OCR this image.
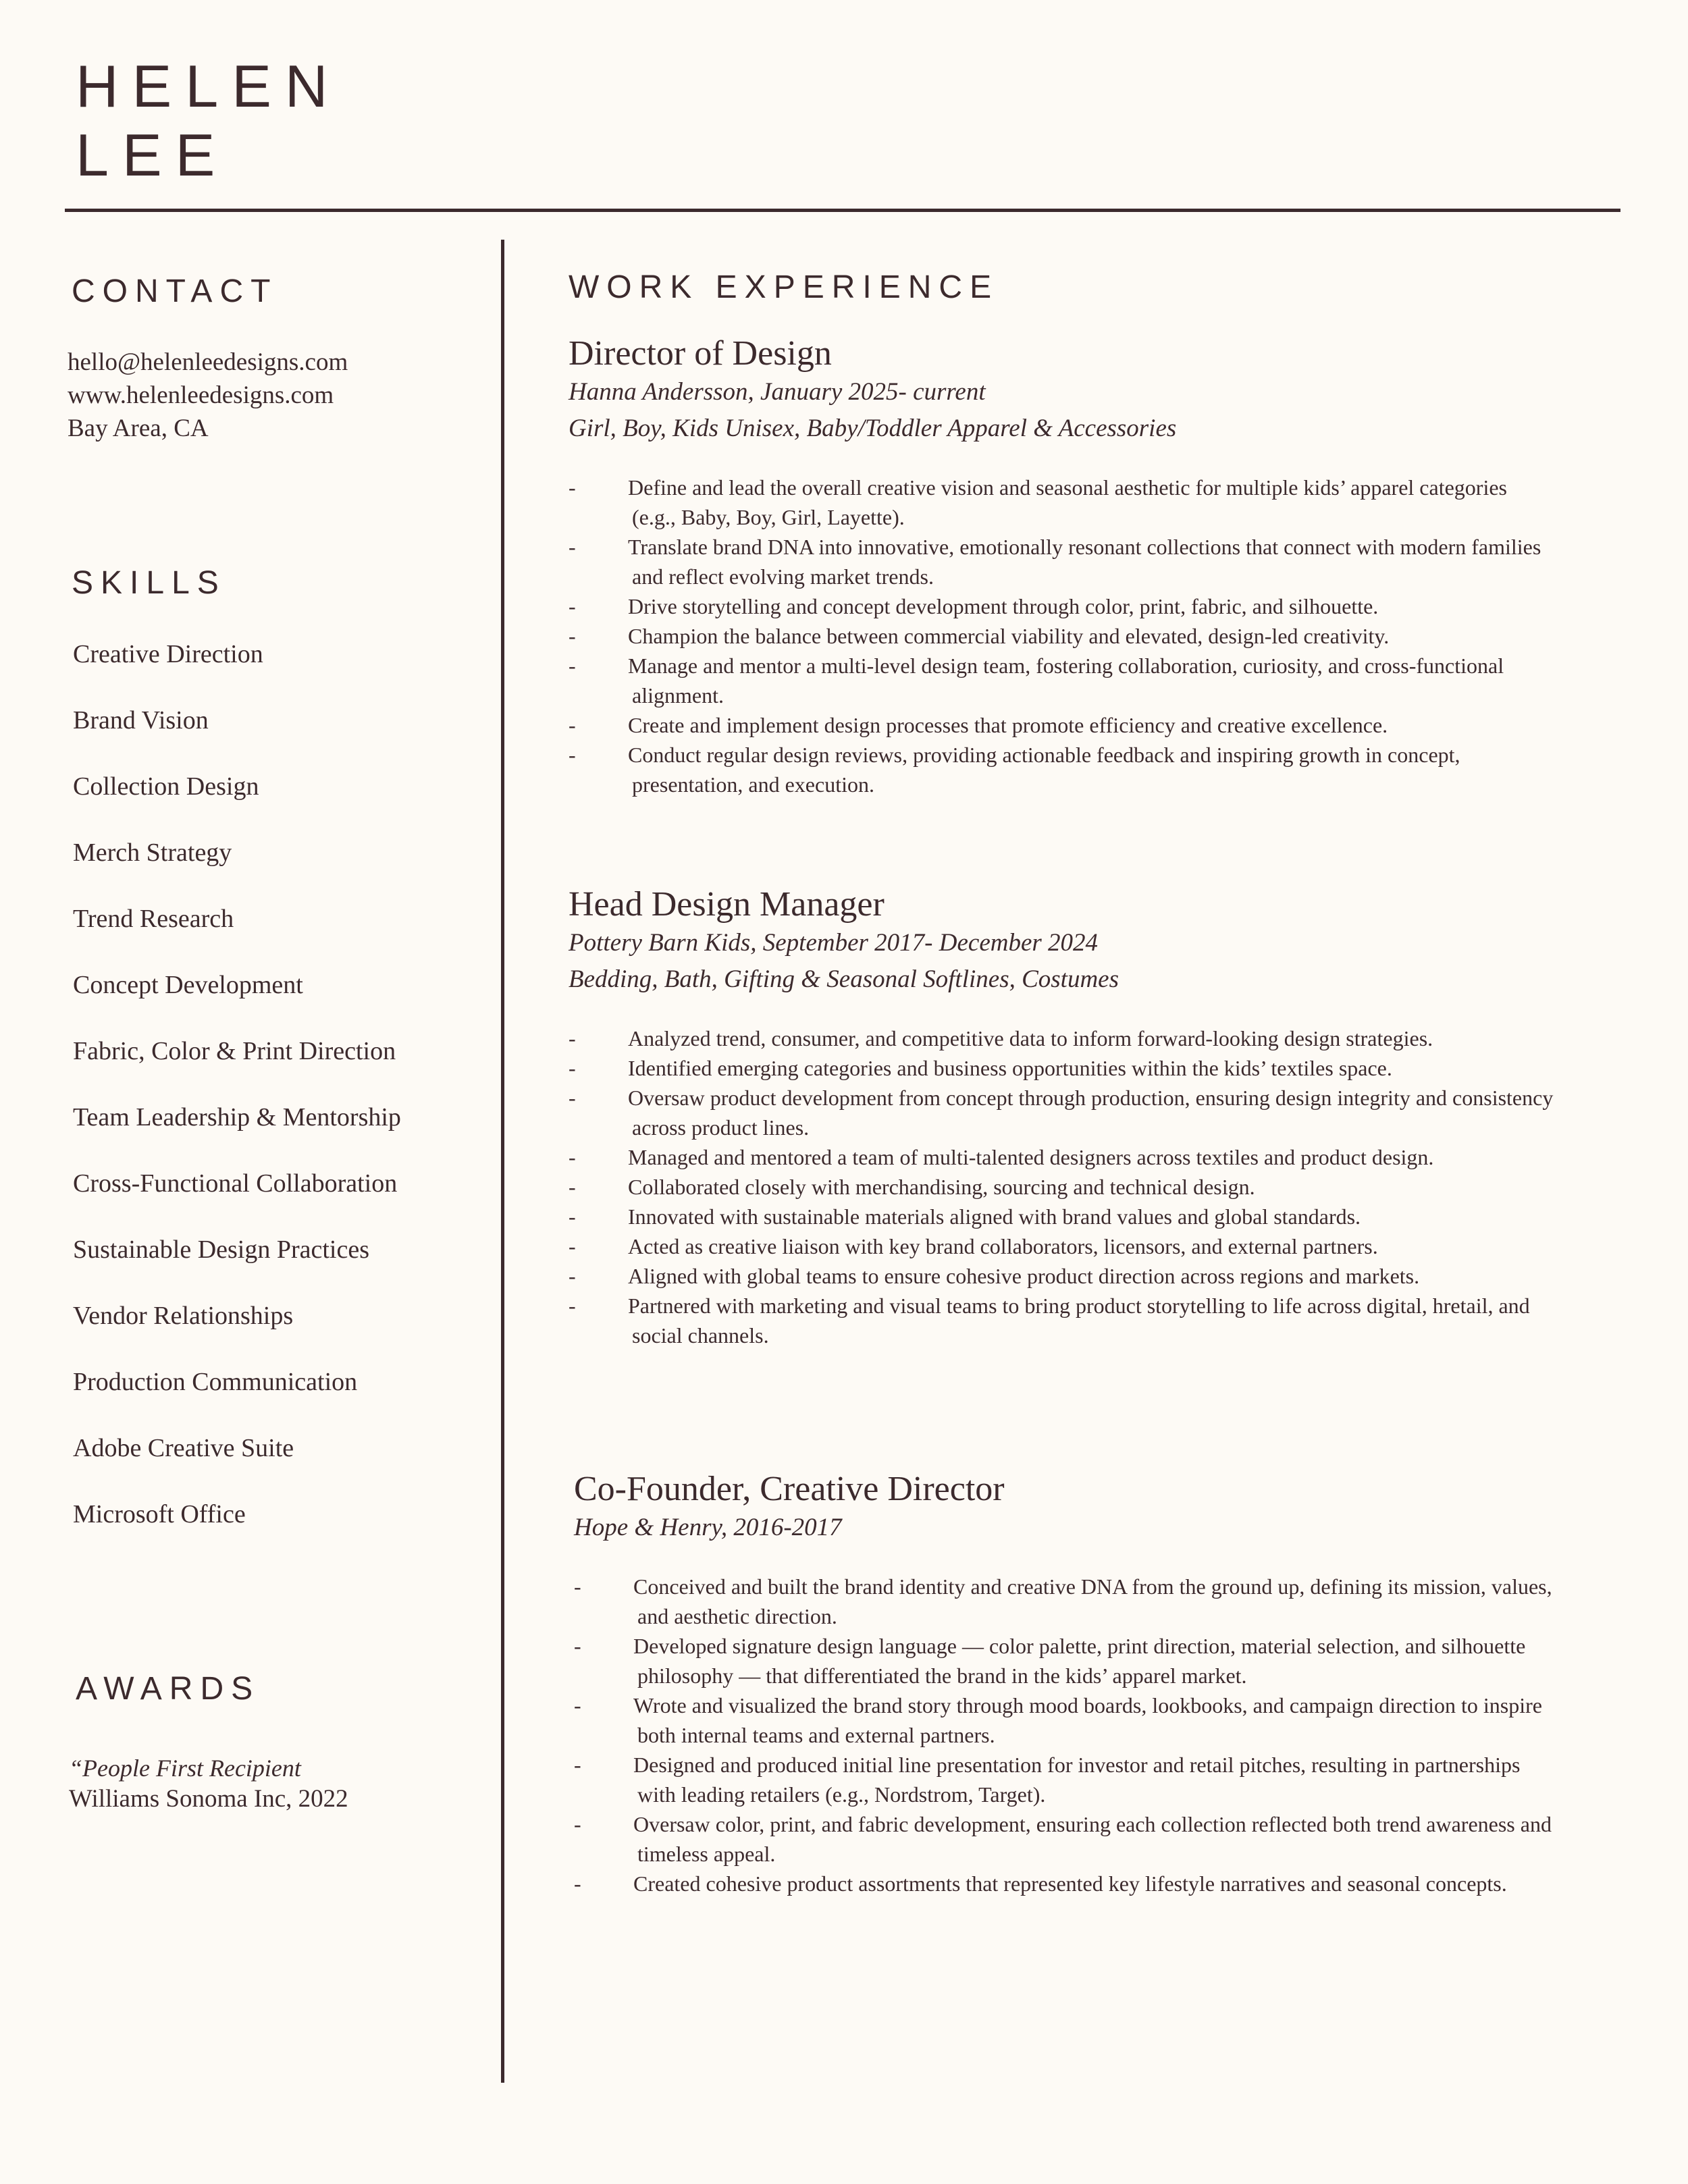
HELEN
LEE
CONTACT
hello@helenleedesigns.com
www.helenleedesigns.com
Bay Area, CA
SKILLS
Creative Direction
Brand Vision
Collection Design
Merch Strategy
Trend Research
Concept Development
Fabric, Color & Print Direction
Team Leadership & Mentorship
Cross-Functional Collaboration
Sustainable Design Practices
Vendor Relationships
Production Communication
Adobe Creative Suite
Microsoft Office
AWARDS
“People First Recipient
Williams Sonoma Inc, 2022
WORK EXPERIENCE
Director of Design
Hanna Andersson, January 2025- current
Girl, Boy, Kids Unisex, Baby/Toddler Apparel & Accessories
- Define and lead the overall creative vision and seasonal aesthetic for multiple kids’ apparel categories (e.g., Baby, Boy, Girl, Layette).
- Translate brand DNA into innovative, emotionally resonant collections that connect with modern families and reflect evolving market trends.
- Drive storytelling and concept development through color, print, fabric, and silhouette.
- Champion the balance between commercial viability and elevated, design-led creativity.
- Manage and mentor a multi-level design team, fostering collaboration, curiosity, and cross-functional alignment.
- Create and implement design processes that promote efficiency and creative excellence.
- Conduct regular design reviews, providing actionable feedback and inspiring growth in concept, presentation, and execution.
Head Design Manager
Pottery Barn Kids, September 2017- December 2024
Bedding, Bath, Gifting & Seasonal Softlines, Costumes
- Analyzed trend, consumer, and competitive data to inform forward-looking design strategies.
- Identified emerging categories and business opportunities within the kids’ textiles space.
- Oversaw product development from concept through production, ensuring design integrity and consistency across product lines.
- Managed and mentored a team of multi-talented designers across textiles and product design.
- Collaborated closely with merchandising, sourcing and technical design.
- Innovated with sustainable materials aligned with brand values and global standards.
- Acted as creative liaison with key brand collaborators, licensors, and external partners.
- Aligned with global teams to ensure cohesive product direction across regions and markets.
- Partnered with marketing and visual teams to bring product storytelling to life across digital, hretail, and social channels.
Co-Founder, Creative Director
Hope & Henry, 2016-2017
- Conceived and built the brand identity and creative DNA from the ground up, defining its mission, values, and aesthetic direction.
- Developed signature design language — color palette, print direction, material selection, and silhouette philosophy — that differentiated the brand in the kids’ apparel market.
- Wrote and visualized the brand story through mood boards, lookbooks, and campaign direction to inspire both internal teams and external partners.
- Designed and produced initial line presentation for investor and retail pitches, resulting in partnerships with leading retailers (e.g., Nordstrom, Target).
- Oversaw color, print, and fabric development, ensuring each collection reflected both trend awareness and timeless appeal.
- Created cohesive product assortments that represented key lifestyle narratives and seasonal concepts.
